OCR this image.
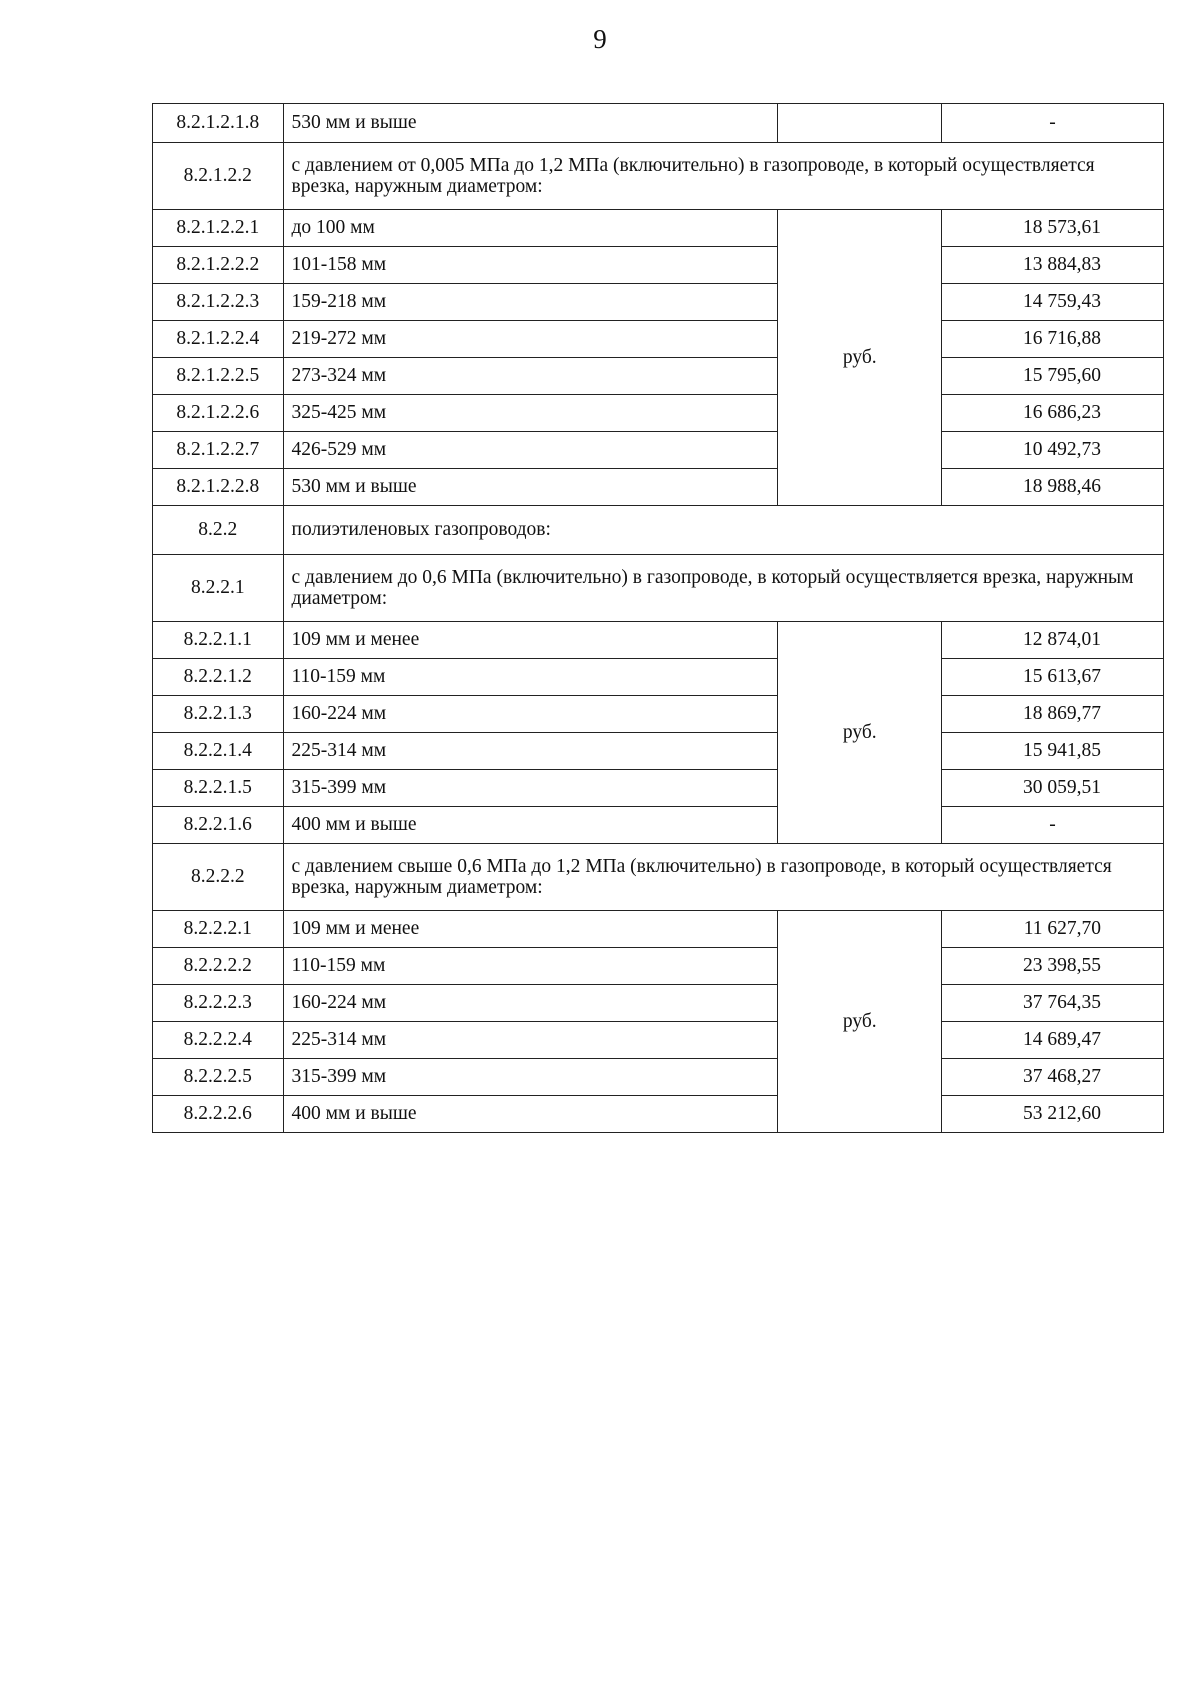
9
8.2.1.2.1.8	530 мм и выше		-
8.2.1.2.2	с давлением от 0,005 МПа до 1,2 МПа (включительно) в газопроводе, в который осуществляется врезка, наружным диаметром:		
8.2.1.2.2.1	до 100 мм	руб.	18 573,61
8.2.1.2.2.2	101-158 мм		13 884,83
8.2.1.2.2.3	159-218 мм		14 759,43
8.2.1.2.2.4	219-272 мм		16 716,88
8.2.1.2.2.5	273-324 мм		15 795,60
8.2.1.2.2.6	325-425 мм		16 686,23
8.2.1.2.2.7	426-529 мм		10 492,73
8.2.1.2.2.8	530 мм и выше		18 988,46
8.2.2	полиэтиленовых газопроводов:		
8.2.2.1	с давлением до 0,6 МПа (включительно) в газопроводе, в который осуществляется врезка, наружным диаметром:		
8.2.2.1.1	109 мм и менее	руб.	12 874,01
8.2.2.1.2	110-159 мм		15 613,67
8.2.2.1.3	160-224 мм		18 869,77
8.2.2.1.4	225-314 мм		15 941,85
8.2.2.1.5	315-399 мм		30 059,51
8.2.2.1.6	400 мм и выше		-
8.2.2.2	с давлением свыше 0,6 МПа до 1,2 МПа (включительно) в газопроводе, в который осуществляется врезка, наружным диаметром:		
8.2.2.2.1	109 мм и менее	руб.	11 627,70
8.2.2.2.2	110-159 мм		23 398,55
8.2.2.2.3	160-224 мм		37 764,35
8.2.2.2.4	225-314 мм		14 689,47
8.2.2.2.5	315-399 мм		37 468,27
8.2.2.2.6	400 мм и выше		53 212,60
